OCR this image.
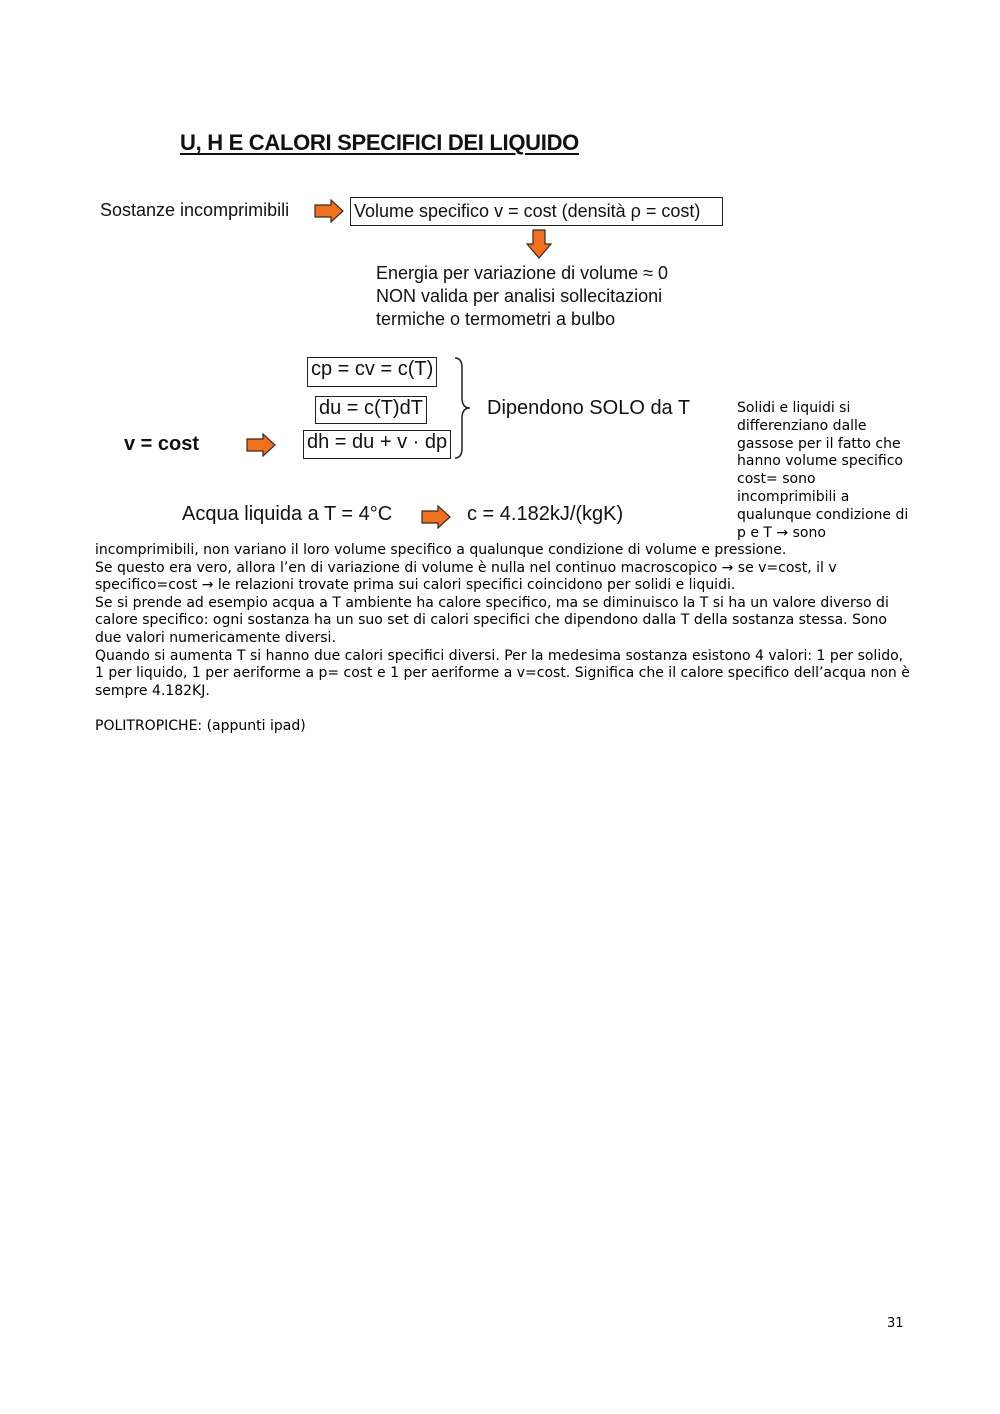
U, H E CALORI SPECIFICI DEI LIQUIDO
Sostanze incomprimibili	Volume specifico v = cost (densità ρ = cost)
Energia per variazione di volume ≈ 0
NON valida per analisi sollecitazioni
termiche o termometri a bulbo
cp = cv = c(T)
du = c(T)dT
dh = du + v · dp
Dipendono SOLO da T
v = cost
Acqua liquida a T = 4°C	c = 4.182kJ/(kgK)
Solidi e liquidi si differenziano dalle gassose per il fatto che hanno volume specifico cost= sono incomprimibili a qualunque condizione di p e T → sono

incomprimibili, non variano il loro volume specifico a qualunque condizione di volume e pressione.

Se questo era vero, allora l’en di variazione di volume è nulla nel continuo macroscopico → se v=cost, il v specifico=cost → le relazioni trovate prima sui calori specifici coincidono per solidi e liquidi.

Se si prende ad esempio acqua a T ambiente ha calore specifico, ma se diminuisco la T si ha un valore diverso di calore specifico: ogni sostanza ha un suo set di calori specifici che dipendono dalla T della sostanza stessa. Sono due valori numericamente diversi.

Quando si aumenta T si hanno due calori specifici diversi. Per la medesima sostanza esistono 4 valori: 1 per solido, 1 per liquido, 1 per aeriforme a p= cost e 1 per aeriforme a v=cost. Significa che il calore specifico dell’acqua non è sempre 4.182KJ.

POLITROPICHE: (appunti ipad)
31
